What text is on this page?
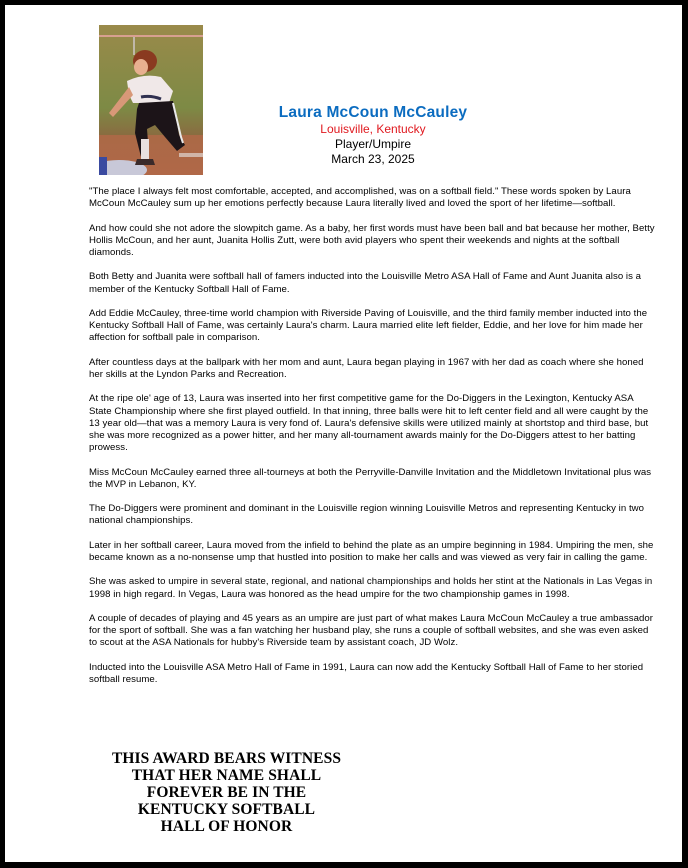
Laura McCoun McCauley
Louisville, Kentucky
Player/Umpire
March 23, 2025

"The place I always felt most comfortable, accepted, and accomplished, was on a softball field." These words spoken by Laura McCoun McCauley sum up her emotions perfectly because Laura literally lived and loved the sport of her lifetime—softball.

And how could she not adore the slowpitch game. As a baby, her first words must have been ball and bat because her mother, Betty Hollis McCoun, and her aunt, Juanita Hollis Zutt, were both avid players who spent their weekends and nights at the softball diamonds.

Both Betty and Juanita were softball hall of famers inducted into the Louisville Metro ASA Hall of Fame and Aunt Juanita also is a member of the Kentucky Softball Hall of Fame.

Add Eddie McCauley, three-time world champion with Riverside Paving of Louisville, and the third family member inducted into the Kentucky Softball Hall of Fame, was certainly Laura's charm. Laura married elite left fielder, Eddie, and her love for him made her affection for softball pale in comparison.

After countless days at the ballpark with her mom and aunt, Laura began playing in 1967 with her dad as coach where she honed her skills at the Lyndon Parks and Recreation.

At the ripe ole' age of 13, Laura was inserted into her first competitive game for the Do-Diggers in the Lexington, Kentucky ASA State Championship where she first played outfield. In that inning, three balls were hit to left center field and all were caught by the 13 year old—that was a memory Laura is very fond of. Laura's defensive skills were utilized mainly at shortstop and third base, but she was more recognized as a power hitter, and her many all-tournament awards mainly for the Do-Diggers attest to her batting prowess.

Miss McCoun McCauley earned three all-tourneys at both the Perryville-Danville Invitation and the Middletown Invitational plus was the MVP in Lebanon, KY.

The Do-Diggers were prominent and dominant in the Louisville region winning Louisville Metros and representing Kentucky in two national championships.

Later in her softball career, Laura moved from the infield to behind the plate as an umpire beginning in 1984. Umpiring the men, she became known as a no-nonsense ump that hustled into position to make her calls and was viewed as very fair in calling the game.

She was asked to umpire in several state, regional, and national championships and holds her stint at the Nationals in Las Vegas in 1998 in high regard. In Vegas, Laura was honored as the head umpire for the two championship games in 1998.

A couple of decades of playing and 45 years as an umpire are just part of what makes Laura McCoun McCauley a true ambassador for the sport of softball. She was a fan watching her husband play, she runs a couple of softball websites, and she was even asked to scout at the ASA Nationals for hubby's Riverside team by assistant coach, JD Wolz.

Inducted into the Louisville ASA Metro Hall of Fame in 1991, Laura can now add the Kentucky Softball Hall of Fame to her storied softball resume.

THIS AWARD BEARS WITNESS
THAT HER NAME SHALL
FOREVER BE IN THE
KENTUCKY SOFTBALL
HALL OF HONOR
